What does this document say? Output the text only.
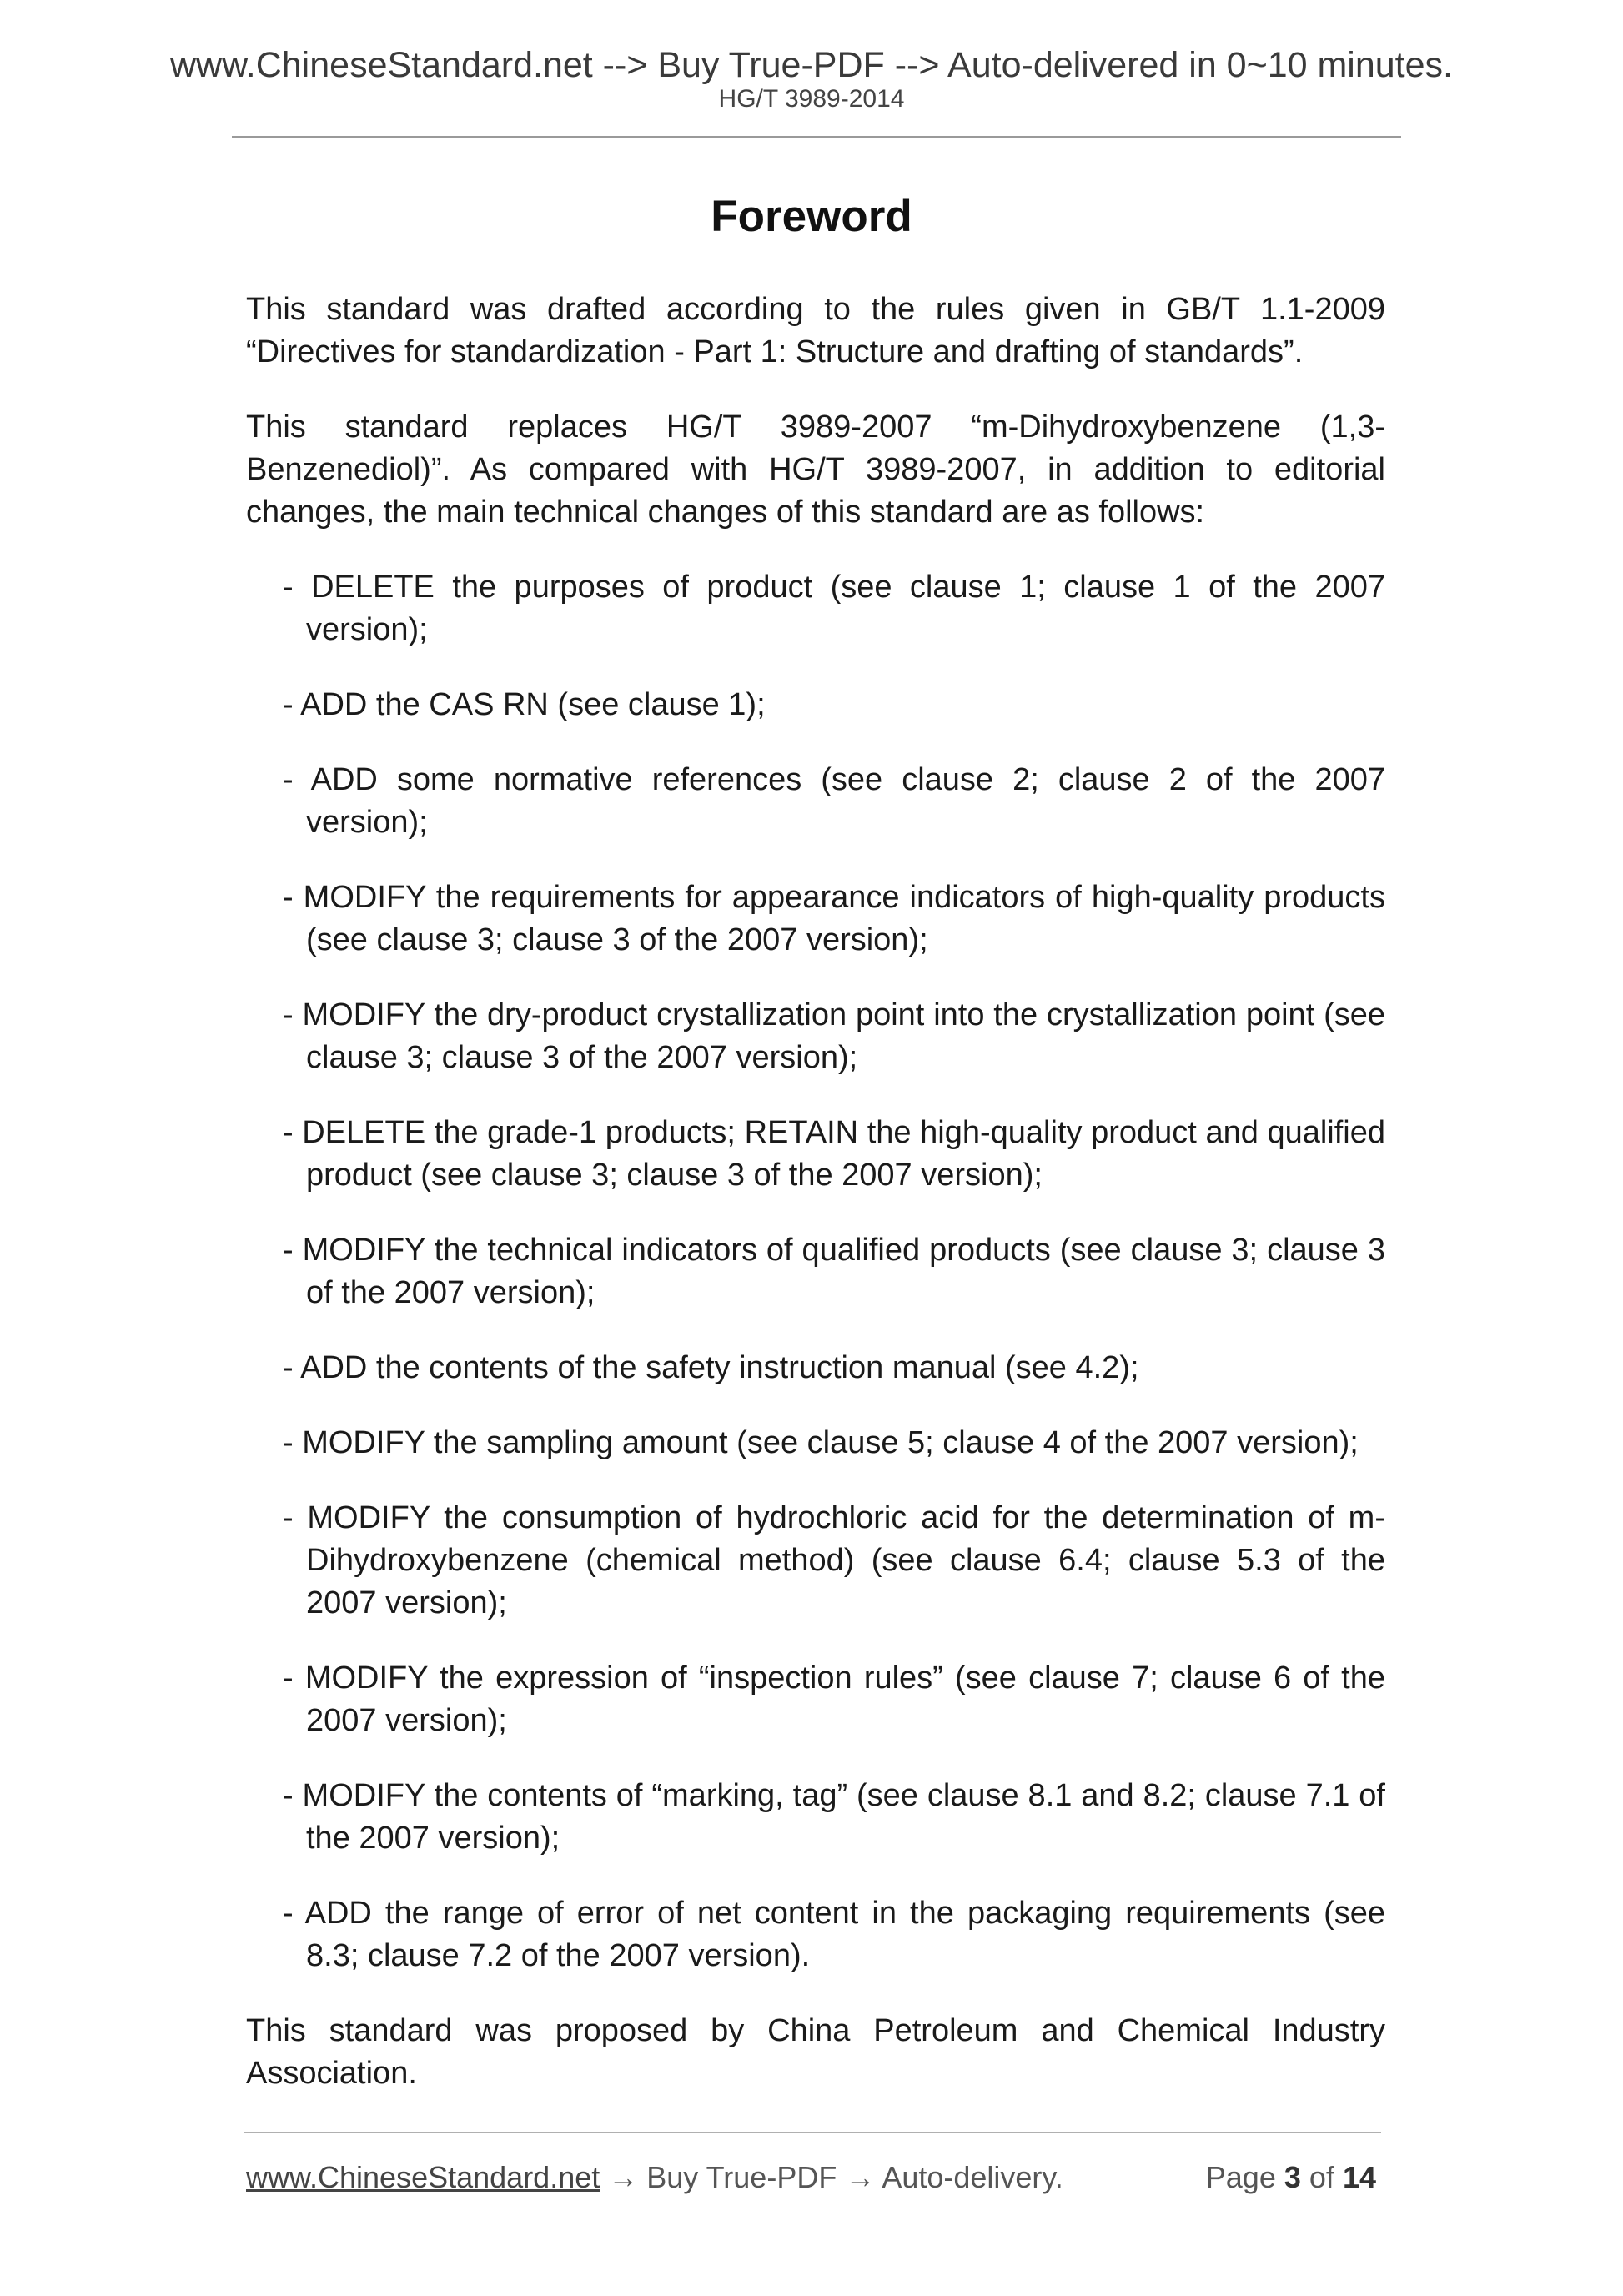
www.ChineseStandard.net --> Buy True-PDF --> Auto-delivered in 0~10 minutes.
HG/T 3989-2014
Foreword

This standard was drafted according to the rules given in GB/T 1.1-2009 “Directives for standardization - Part 1: Structure and drafting of standards”.

This standard replaces HG/T 3989-2007 “m-Dihydroxybenzene (1,3-Benzenediol)”. As compared with HG/T 3989-2007, in addition to editorial changes, the main technical changes of this standard are as follows:

- DELETE the purposes of product (see clause 1; clause 1 of the 2007 version);
- ADD the CAS RN (see clause 1);
- ADD some normative references (see clause 2; clause 2 of the 2007 version);
- MODIFY the requirements for appearance indicators of high-quality products (see clause 3; clause 3 of the 2007 version);
- MODIFY the dry-product crystallization point into the crystallization point (see clause 3; clause 3 of the 2007 version);
- DELETE the grade-1 products; RETAIN the high-quality product and qualified product (see clause 3; clause 3 of the 2007 version);
- MODIFY the technical indicators of qualified products (see clause 3; clause 3 of the 2007 version);
- ADD the contents of the safety instruction manual (see 4.2);
- MODIFY the sampling amount (see clause 5; clause 4 of the 2007 version);
- MODIFY the consumption of hydrochloric acid for the determination of m-Dihydroxybenzene (chemical method) (see clause 6.4; clause 5.3 of the 2007 version);
- MODIFY the expression of “inspection rules” (see clause 7; clause 6 of the 2007 version);
- MODIFY the contents of “marking, tag” (see clause 8.1 and 8.2; clause 7.1 of the 2007 version);
- ADD the range of error of net content in the packaging requirements (see 8.3; clause 7.2 of the 2007 version).

This standard was proposed by China Petroleum and Chemical Industry Association.

www.ChineseStandard.net → Buy True-PDF → Auto-delivery.	Page 3 of 14
